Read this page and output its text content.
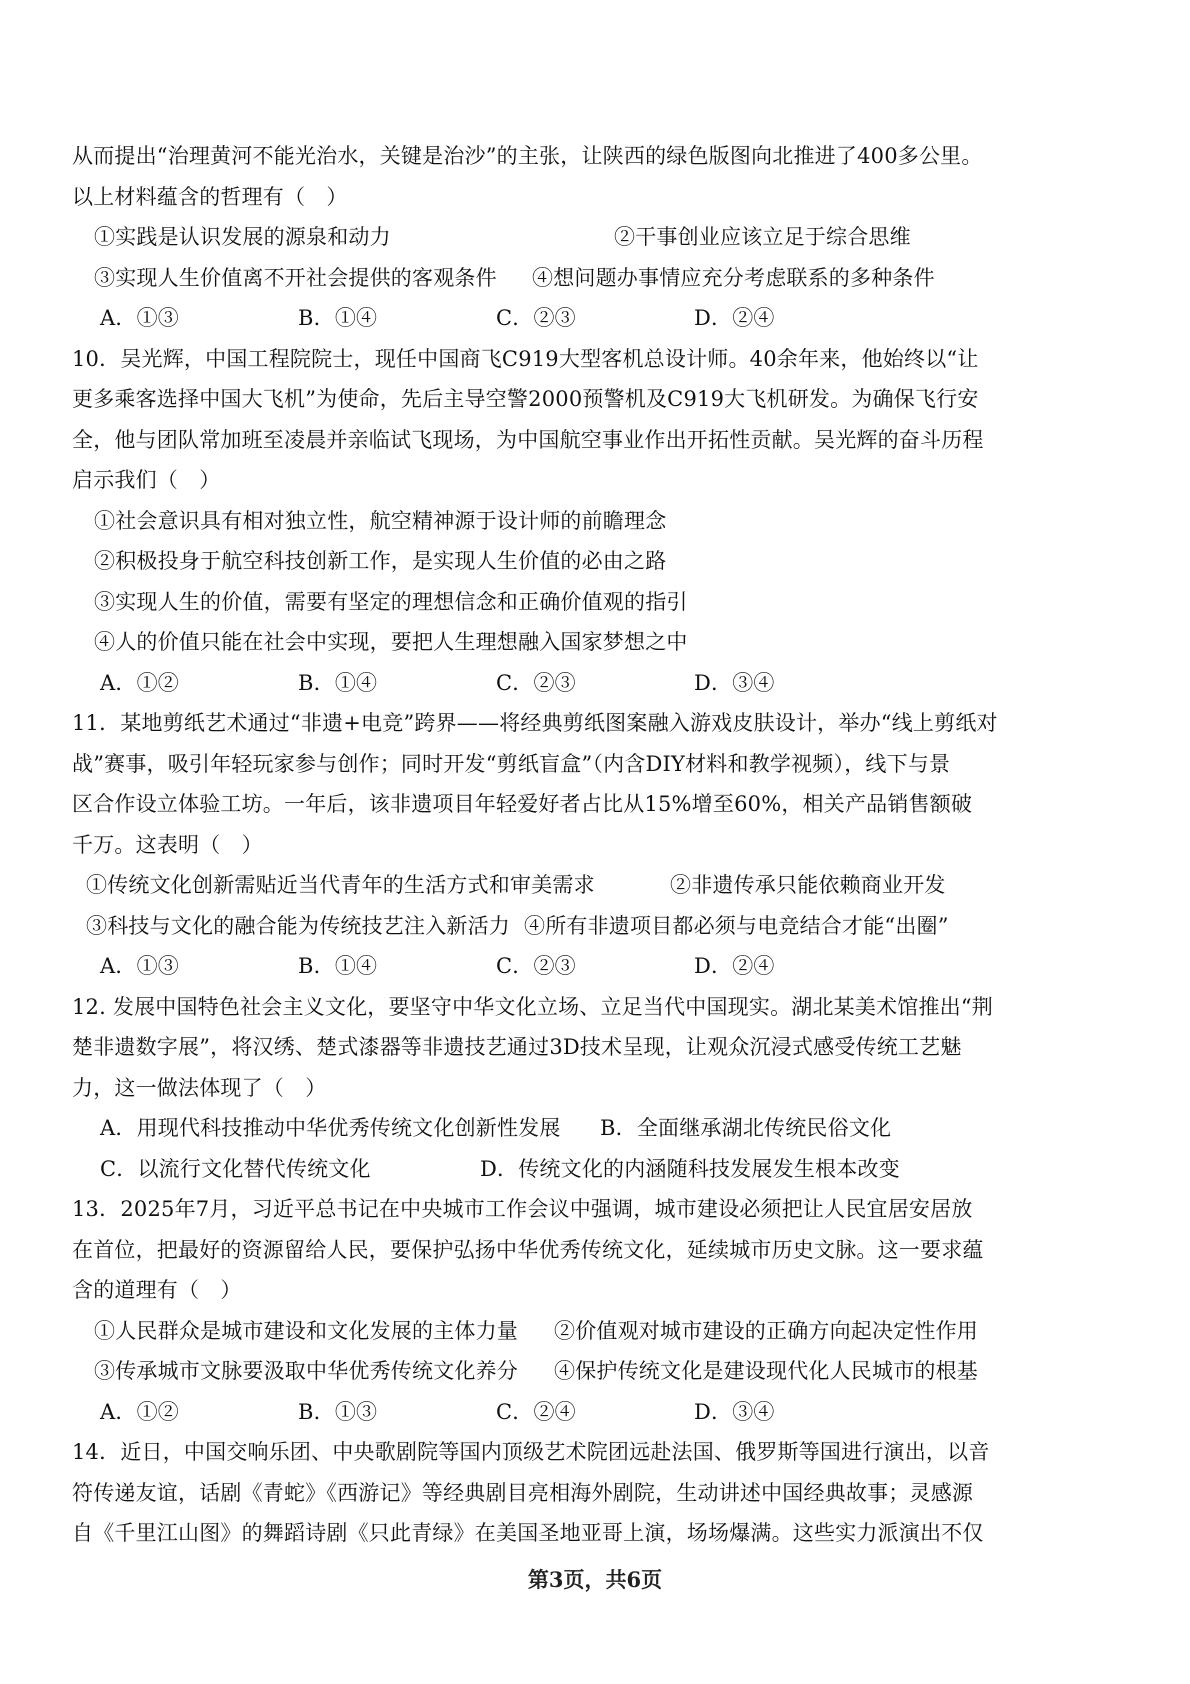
从而提出“治理黄河不能光治水，关键是治沙”的主张，让陕西的绿色版图向北推进了400多公里。
以上材料蕴含的哲理有（　）
①实践是认识发展的源泉和动力	②干事创业应该立足于综合思维
③实现人生价值离不开社会提供的客观条件	④想问题办事情应充分考虑联系的多种条件
A．①③	B．①④	C．②③	D．②④
10．吴光辉，中国工程院院士，现任中国商飞C919大型客机总设计师。40余年来，他始终以“让
更多乘客选择中国大飞机”为使命，先后主导空警2000预警机及C919大飞机研发。为确保飞行安
全，他与团队常加班至凌晨并亲临试飞现场，为中国航空事业作出开拓性贡献。吴光辉的奋斗历程
启示我们（　）
①社会意识具有相对独立性，航空精神源于设计师的前瞻理念
②积极投身于航空科技创新工作，是实现人生价值的必由之路
③实现人生的价值，需要有坚定的理想信念和正确价值观的指引
④人的价值只能在社会中实现，要把人生理想融入国家梦想之中
A．①②	B．①④	C．②③	D．③④
11．某地剪纸艺术通过“非遗+电竞”跨界——将经典剪纸图案融入游戏皮肤设计，举办“线上剪纸对
战”赛事，吸引年轻玩家参与创作；同时开发“剪纸盲盒”（内含DIY材料和教学视频），线下与景
区合作设立体验工坊。一年后，该非遗项目年轻爱好者占比从15%增至60%，相关产品销售额破
千万。这表明（　）
①传统文化创新需贴近当代青年的生活方式和审美需求	②非遗传承只能依赖商业开发
③科技与文化的融合能为传统技艺注入新活力 ④所有非遗项目都必须与电竞结合才能“出圈”
A．①③	B．①④	C．②③	D．②④
12. 发展中国特色社会主义文化，要坚守中华文化立场、立足当代中国现实。湖北某美术馆推出“荆
楚非遗数字展”，将汉绣、楚式漆器等非遗技艺通过3D技术呈现，让观众沉浸式感受传统工艺魅
力，这一做法体现了（　）
A．用现代科技推动中华优秀传统文化创新性发展	B．全面继承湖北传统民俗文化
C．以流行文化替代传统文化	D．传统文化的内涵随科技发展发生根本改变
13．2025年7月，习近平总书记在中央城市工作会议中强调，城市建设必须把让人民宜居安居放
在首位，把最好的资源留给人民，要保护弘扬中华优秀传统文化，延续城市历史文脉。这一要求蕴
含的道理有（　）
①人民群众是城市建设和文化发展的主体力量	②价值观对城市建设的正确方向起决定性作用
③传承城市文脉要汲取中华优秀传统文化养分	④保护传统文化是建设现代化人民城市的根基
A．①②	B．①③	C．②④	D．③④
14．近日，中国交响乐团、中央歌剧院等国内顶级艺术院团远赴法国、俄罗斯等国进行演出，以音
符传递友谊，话剧《青蛇》《西游记》等经典剧目亮相海外剧院，生动讲述中国经典故事；灵感源
自《千里江山图》的舞蹈诗剧《只此青绿》在美国圣地亚哥上演，场场爆满。这些实力派演出不仅
第3页，共6页
